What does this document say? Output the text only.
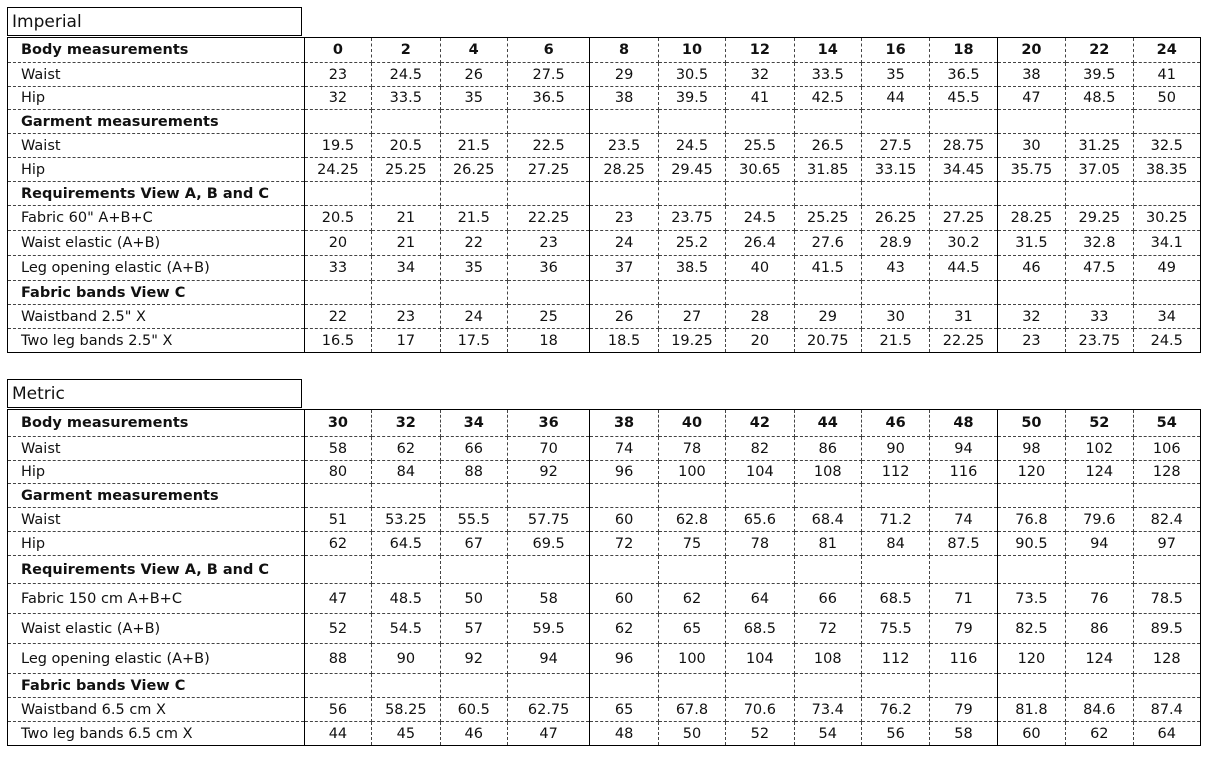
Imperial
Body measurements	0	2	4	6	8	10	12	14	16	18	20	22	24
Waist	23	24.5	26	27.5	29	30.5	32	33.5	35	36.5	38	39.5	41
Hip	32	33.5	35	36.5	38	39.5	41	42.5	44	45.5	47	48.5	50
Garment measurements													
Waist	19.5	20.5	21.5	22.5	23.5	24.5	25.5	26.5	27.5	28.75	30	31.25	32.5
Hip	24.25	25.25	26.25	27.25	28.25	29.45	30.65	31.85	33.15	34.45	35.75	37.05	38.35
Requirements View A, B and C													
Fabric 60" A+B+C	20.5	21	21.5	22.25	23	23.75	24.5	25.25	26.25	27.25	28.25	29.25	30.25
Waist elastic (A+B)	20	21	22	23	24	25.2	26.4	27.6	28.9	30.2	31.5	32.8	34.1
Leg opening elastic (A+B)	33	34	35	36	37	38.5	40	41.5	43	44.5	46	47.5	49
Fabric bands View C													
Waistband 2.5" X	22	23	24	25	26	27	28	29	30	31	32	33	34
Two leg bands 2.5" X	16.5	17	17.5	18	18.5	19.25	20	20.75	21.5	22.25	23	23.75	24.5
Metric
Body measurements	30	32	34	36	38	40	42	44	46	48	50	52	54
Waist	58	62	66	70	74	78	82	86	90	94	98	102	106
Hip	80	84	88	92	96	100	104	108	112	116	120	124	128
Garment measurements													
Waist	51	53.25	55.5	57.75	60	62.8	65.6	68.4	71.2	74	76.8	79.6	82.4
Hip	62	64.5	67	69.5	72	75	78	81	84	87.5	90.5	94	97
Requirements View A, B and C													
Fabric 150 cm A+B+C	47	48.5	50	58	60	62	64	66	68.5	71	73.5	76	78.5
Waist elastic (A+B)	52	54.5	57	59.5	62	65	68.5	72	75.5	79	82.5	86	89.5
Leg opening elastic (A+B)	88	90	92	94	96	100	104	108	112	116	120	124	128
Fabric bands View C													
Waistband 6.5 cm X	56	58.25	60.5	62.75	65	67.8	70.6	73.4	76.2	79	81.8	84.6	87.4
Two leg bands 6.5 cm X	44	45	46	47	48	50	52	54	56	58	60	62	64
